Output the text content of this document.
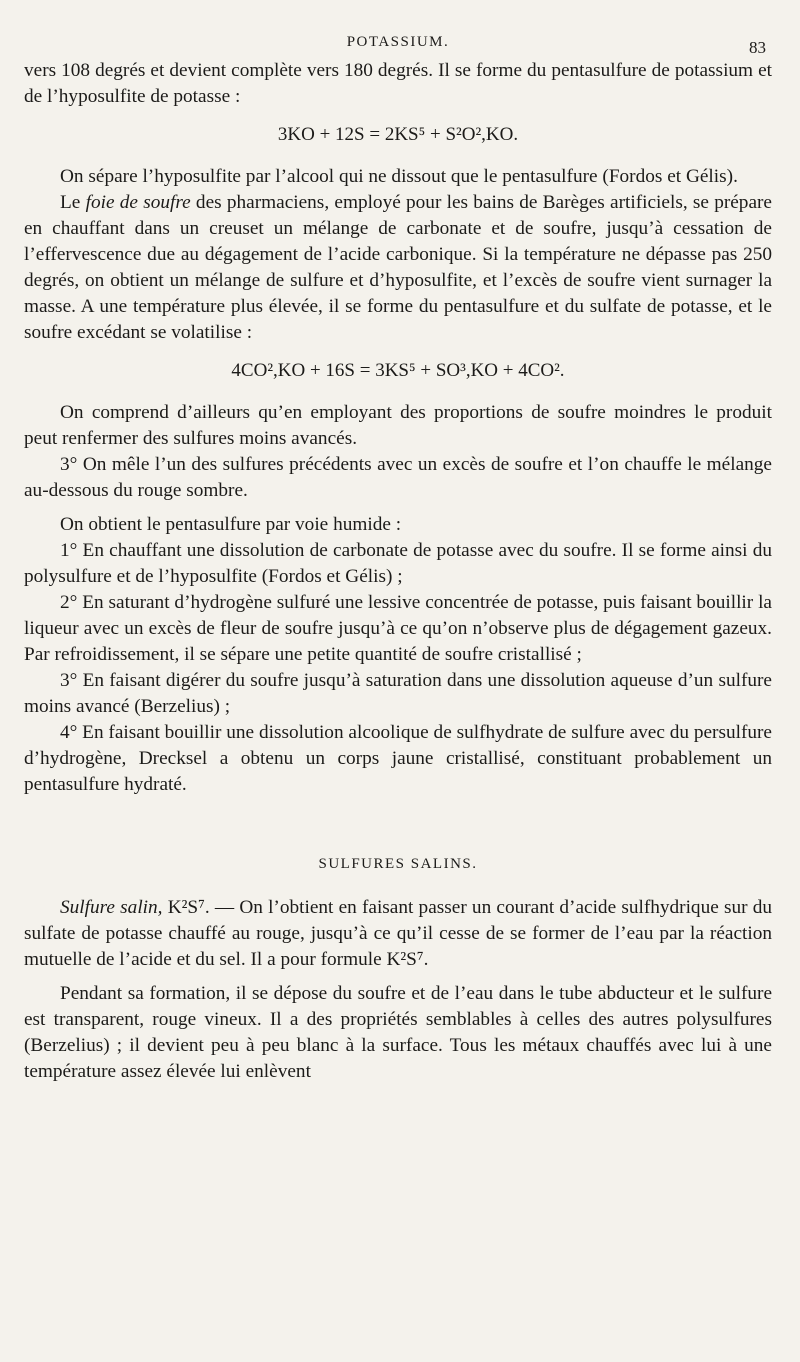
POTASSIUM.	83

vers 108 degrés et devient complète vers 180 degrés. Il se forme du pentasulfure de potassium et de l’hyposulfite de potasse :

3KO + 12S = 2KS⁵ + S²O²,KO.

On sépare l’hyposulfite par l’alcool qui ne dissout que le pentasulfure (Fordos et Gélis).

Le foie de soufre des pharmaciens, employé pour les bains de Barèges artificiels, se prépare en chauffant dans un creuset un mélange de carbonate et de soufre, jusqu’à cessation de l’effervescence due au dégagement de l’acide carbonique. Si la température ne dépasse pas 250 degrés, on obtient un mélange de sulfure et d’hyposulfite, et l’excès de soufre vient surnager la masse. A une température plus élevée, il se forme du pentasulfure et du sulfate de potasse, et le soufre excédant se volatilise :

4CO²,KO + 16S = 3KS⁵ + SO³,KO + 4CO².

On comprend d’ailleurs qu’en employant des proportions de soufre moindres le produit peut renfermer des sulfures moins avancés.

3° On mêle l’un des sulfures précédents avec un excès de soufre et l’on chauffe le mélange au-dessous du rouge sombre.

On obtient le pentasulfure par voie humide :

1° En chauffant une dissolution de carbonate de potasse avec du soufre. Il se forme ainsi du polysulfure et de l’hyposulfite (Fordos et Gélis) ;

2° En saturant d’hydrogène sulfuré une lessive concentrée de potasse, puis faisant bouillir la liqueur avec un excès de fleur de soufre jusqu’à ce qu’on n’observe plus de dégagement gazeux. Par refroidissement, il se sépare une petite quantité de soufre cristallisé ;

3° En faisant digérer du soufre jusqu’à saturation dans une dissolution aqueuse d’un sulfure moins avancé (Berzelius) ;

4° En faisant bouillir une dissolution alcoolique de sulfhydrate de sulfure avec du persulfure d’hydrogène, Drecksel a obtenu un corps jaune cristallisé, constituant probablement un pentasulfure hydraté.

SULFURES SALINS.

Sulfure salin, K²S⁷. — On l’obtient en faisant passer un courant d’acide sulfhydrique sur du sulfate de potasse chauffé au rouge, jusqu’à ce qu’il cesse de se former de l’eau par la réaction mutuelle de l’acide et du sel. Il a pour formule K²S⁷.

Pendant sa formation, il se dépose du soufre et de l’eau dans le tube abducteur et le sulfure est transparent, rouge vineux. Il a des propriétés semblables à celles des autres polysulfures (Berzelius) ; il devient peu à peu blanc à la surface. Tous les métaux chauffés avec lui à une température assez élevée lui enlèvent
